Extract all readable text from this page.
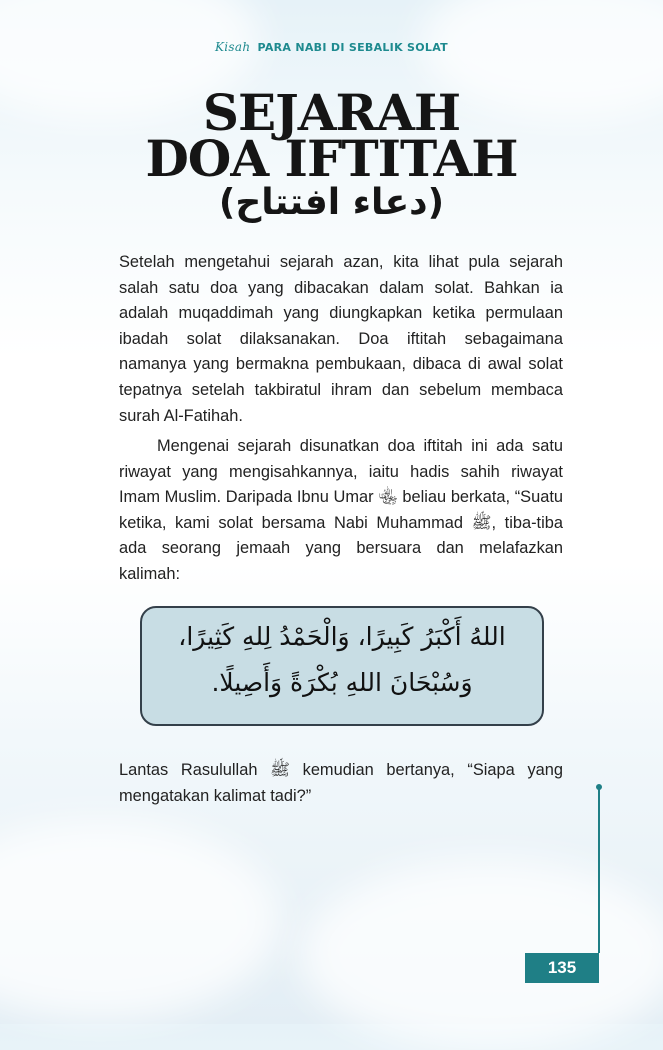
Kisah PARA NABI DI SEBALIK SOLAT
SEJARAH
DOA IFTITAH
(دعاء افتتاح)

Setelah mengetahui sejarah azan, kita lihat pula sejarah salah satu doa yang dibacakan dalam solat. Bahkan ia adalah muqaddimah yang diungkapkan ketika permulaan ibadah solat dilaksanakan. Doa iftitah sebagaimana namanya yang bermakna pembukaan, dibaca di awal solat tepatnya setelah takbiratul ihram dan sebelum membaca surah Al-Fatihah.

Mengenai sejarah disunatkan doa iftitah ini ada satu riwayat yang mengisahkannya, iaitu hadis sahih riwayat Imam Muslim. Daripada Ibnu Umar ﵄ beliau berkata, “Suatu ketika, kami solat bersama Nabi Muhammad ﷺ, tiba-tiba ada seorang jemaah yang bersuara dan melafazkan kalimah:

اللهُ أَكْبَرُ كَبِيرًا، وَالْحَمْدُ لِلهِ كَثِيرًا،
وَسُبْحَانَ اللهِ بُكْرَةً وَأَصِيلًا.

Lantas Rasulullah ﷺ kemudian bertanya, “Siapa yang mengatakan kalimat tadi?”

135
